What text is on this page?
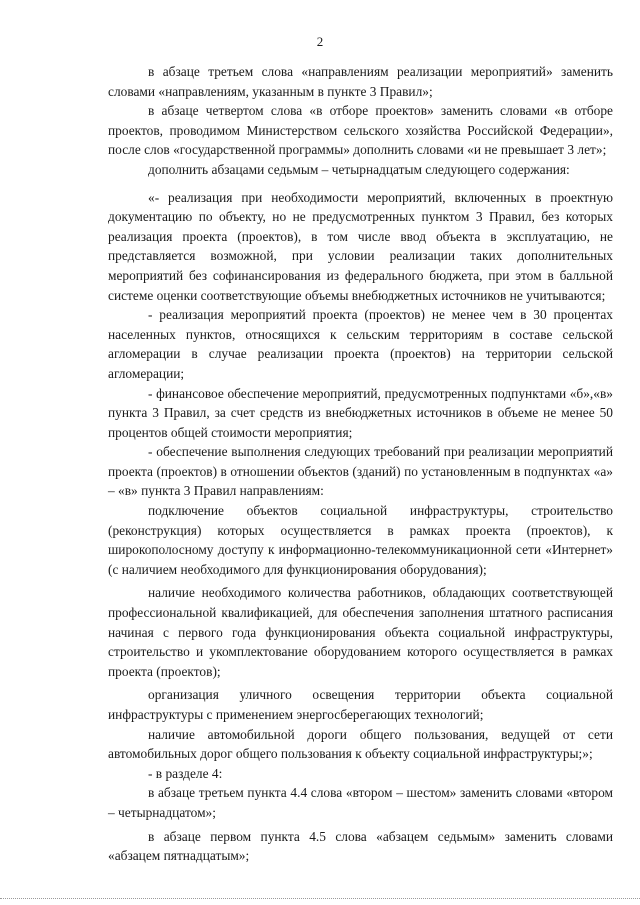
2

в абзаце третьем слова «направлениям реализации мероприятий» заменить словами «направлениям, указанным в пункте 3 Правил»;

в абзаце четвертом слова «в отборе проектов» заменить словами «в отборе проектов, проводимом Министерством сельского хозяйства Российской Федерации», после слов «государственной программы» дополнить словами «и не превышает 3 лет»;

дополнить абзацами седьмым – четырнадцатым следующего содержания:

«- реализация при необходимости мероприятий, включенных в проектную документацию по объекту, но не предусмотренных пунктом 3 Правил, без которых реализация проекта (проектов), в том числе ввод объекта в эксплуатацию, не представляется возможной, при условии реализации таких дополнительных мероприятий без софинансирования из федерального бюджета, при этом в балльной системе оценки соответствующие объемы внебюджетных источников не учитываются;

- реализация мероприятий проекта (проектов) не менее чем в 30 процентах населенных пунктов, относящихся к сельским территориям в составе сельской агломерации в случае реализации проекта (проектов) на территории сельской агломерации;

- финансовое обеспечение мероприятий, предусмотренных подпунктами «б»,«в» пункта 3 Правил, за счет средств из внебюджетных источников в объеме не менее 50 процентов общей стоимости мероприятия;

- обеспечение выполнения следующих требований при реализации мероприятий проекта (проектов) в отношении объектов (зданий) по установленным в подпунктах «а» – «в» пункта 3 Правил направлениям:

подключение объектов социальной инфраструктуры, строительство (реконструкция) которых осуществляется в рамках проекта (проектов), к широкополосному доступу к информационно-телекоммуникационной сети «Интернет» (с наличием необходимого для функционирования оборудования);

наличие необходимого количества работников, обладающих соответствующей профессиональной квалификацией, для обеспечения заполнения штатного расписания начиная с первого года функционирования объекта социальной инфраструктуры, строительство и укомплектование оборудованием которого осуществляется в рамках проекта (проектов);

организация уличного освещения территории объекта социальной инфраструктуры с применением энергосберегающих технологий;

наличие автомобильной дороги общего пользования, ведущей от сети автомобильных дорог общего пользования к объекту социальной инфраструктуры;»;

- в разделе 4:

в абзаце третьем пункта 4.4 слова «втором – шестом» заменить словами «втором – четырнадцатом»;

в абзаце первом пункта 4.5 слова «абзацем седьмым» заменить словами «абзацем пятнадцатым»;
